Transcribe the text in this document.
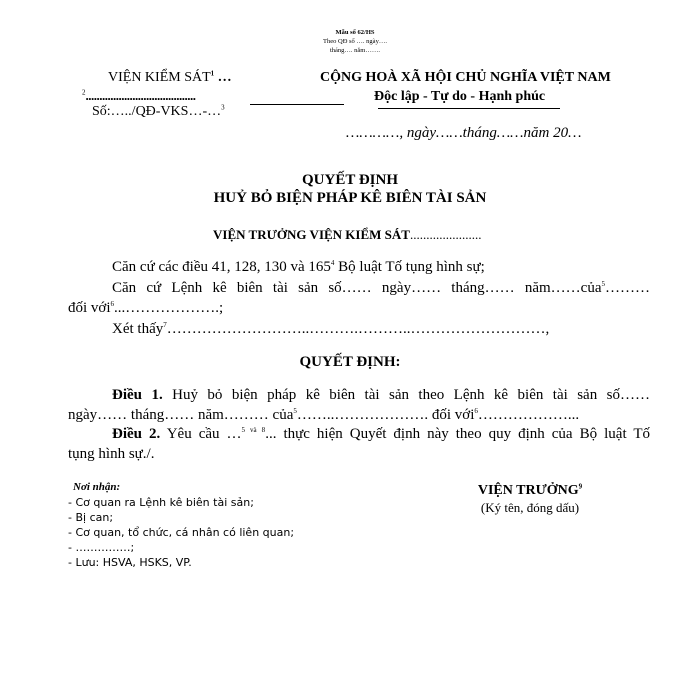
Mẫu số 62/HS
Theo QĐ số …. ngày….
tháng…. năm…….
VIỆN KIỂM SÁT$^1$ …
$^2$........................................
Số:…../QĐ-VKS…-…$^3$
CỘNG HOÀ XÃ HỘI CHỦ NGHĨA VIỆT NAM
Độc lập - Tự do - Hạnh phúc
…………, ngày……tháng……năm 20…
QUYẾT ĐỊNH
HUỶ BỎ BIỆN PHÁP KÊ BIÊN TÀI SẢN
VIỆN TRƯỞNG VIỆN KIỂM SÁT......................
Căn cứ các điều 41, 128, 130 và $165^4$ Bộ luật Tố tụng hình sự;
Căn cứ Lệnh kê biên tài sản số…… ngày…… tháng…… năm……của$^5$………
đối với$^6$...……………….;
Xét thấy$^7$………………………..……….………..………………………,
QUYẾT ĐỊNH:
Điều 1. Huỷ bỏ biện pháp kê biên tài sản theo Lệnh kê biên tài sản số……
ngày…… tháng…… năm……… của$^5$……..………………. đối với$^6$………………...
Điều 2. Yêu cầu …$^{5 và 8}$... thực hiện Quyết định này theo quy định của Bộ luật Tố
tụng hình sự./.
Nơi nhận:
- Cơ quan ra Lệnh kê biên tài sản;
- Bị can;
- Cơ quan, tổ chức, cá nhân có liên quan;
- ……………;
- Lưu: HSVA, HSKS, VP.
VIỆN TRƯỞNG$^9$
(Ký tên, đóng dấu)
